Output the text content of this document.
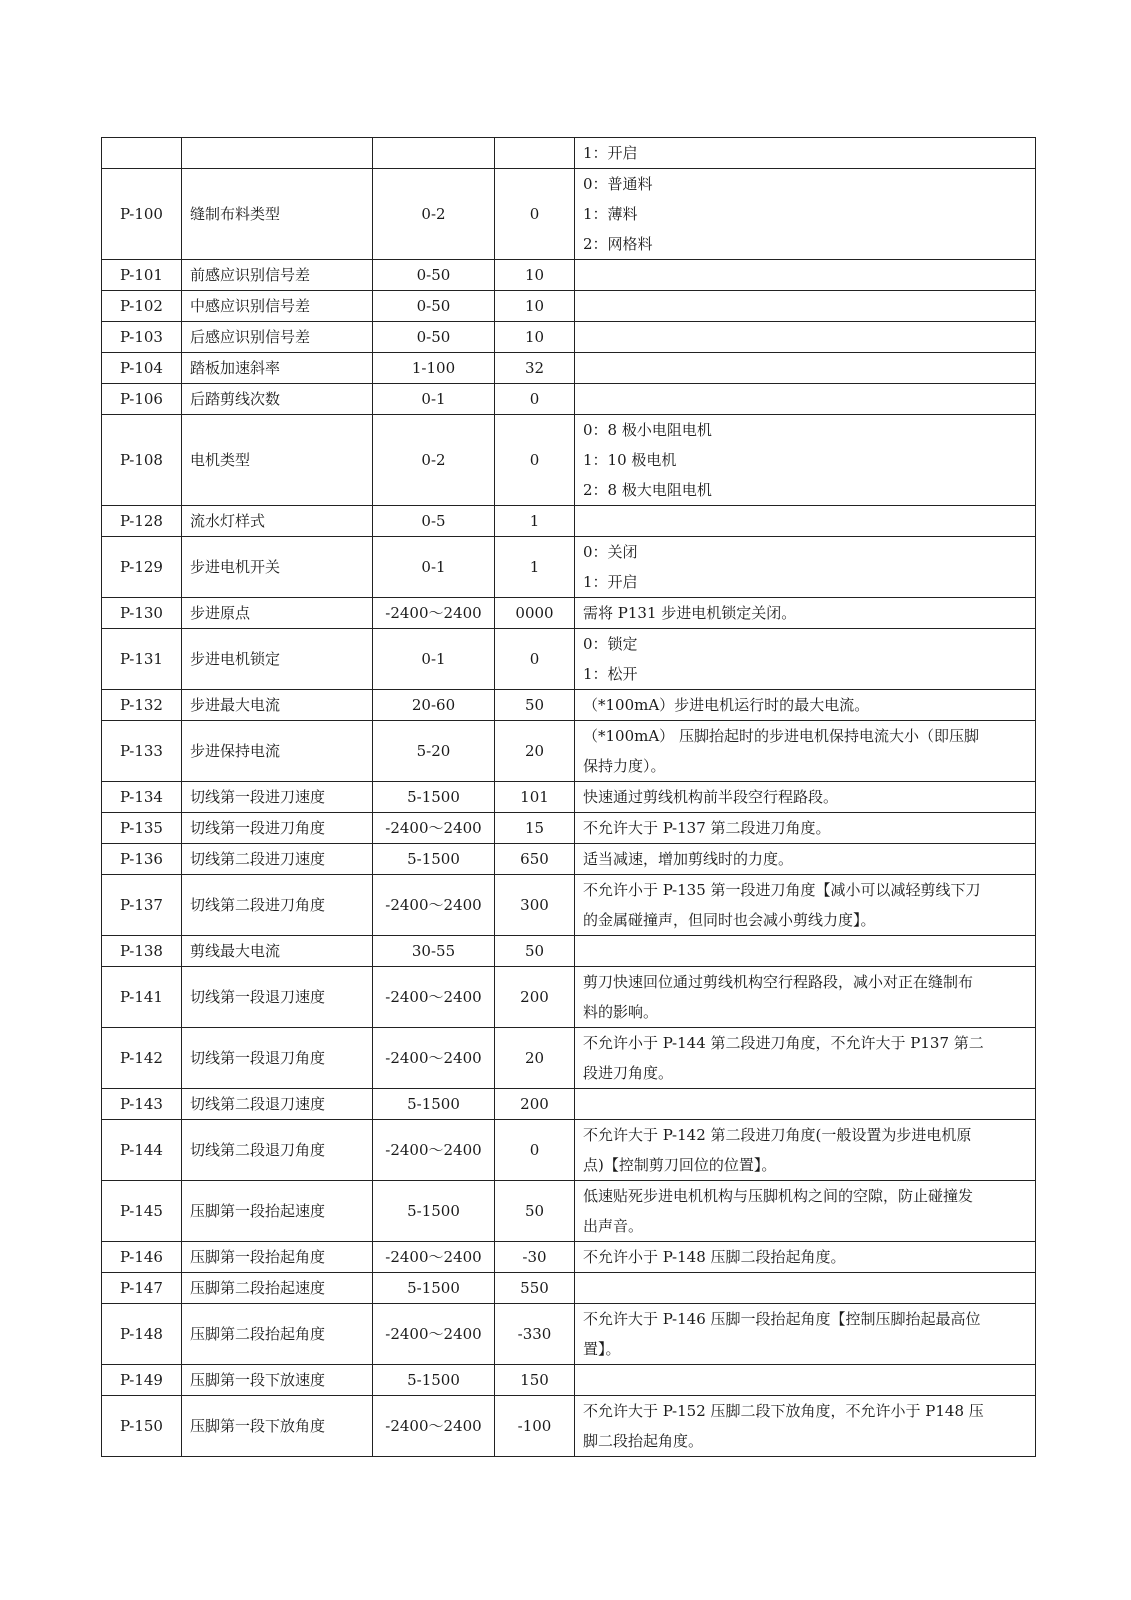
				1：开启

P-100	缝制布料类型	0-2	0	0：普通料
1：薄料
2：网格料

P-101	前感应识别信号差	0-50	10	

P-102	中感应识别信号差	0-50	10	

P-103	后感应识别信号差	0-50	10	

P-104	踏板加速斜率	1-100	32	

P-106	后踏剪线次数	0-1	0	

P-108	电机类型	0-2	0	0：8 极小电阻电机
1：10 极电机
2：8 极大电阻电机

P-128	流水灯样式	0-5	1	

P-129	步进电机开关	0-1	1	0：关闭
1：开启

P-130	步进原点	-2400～2400	0000	需将 P131 步进电机锁定关闭。

P-131	步进电机锁定	0-1	0	0：锁定
1：松开

P-132	步进最大电流	20-60	50	（*100mA）步进电机运行时的最大电流。

P-133	步进保持电流	5-20	20	（*100mA） 压脚抬起时的步进电机保持电流大小（即压脚
保持力度）。

P-134	切线第一段进刀速度	5-1500	101	快速通过剪线机构前半段空行程路段。

P-135	切线第一段进刀角度	-2400～2400	15	不允许大于 P-137 第二段进刀角度。

P-136	切线第二段进刀速度	5-1500	650	适当减速，增加剪线时的力度。

P-137	切线第二段进刀角度	-2400～2400	300	不允许小于 P-135 第一段进刀角度【减小可以减轻剪线下刀
的金属碰撞声，但同时也会减小剪线力度】。

P-138	剪线最大电流	30-55	50	

P-141	切线第一段退刀速度	-2400～2400	200	剪刀快速回位通过剪线机构空行程路段，减小对正在缝制布
料的影响。

P-142	切线第一段退刀角度	-2400～2400	20	不允许小于 P-144 第二段进刀角度，不允许大于 P137 第二
段进刀角度。

P-143	切线第二段退刀速度	5-1500	200	

P-144	切线第二段退刀角度	-2400～2400	0	不允许大于 P-142 第二段进刀角度(一般设置为步进电机原
点)【控制剪刀回位的位置】。

P-145	压脚第一段抬起速度	5-1500	50	低速贴死步进电机机构与压脚机构之间的空隙，防止碰撞发
出声音。

P-146	压脚第一段抬起角度	-2400～2400	-30	不允许小于 P-148 压脚二段抬起角度。

P-147	压脚第二段抬起速度	5-1500	550	

P-148	压脚第二段抬起角度	-2400～2400	-330	不允许大于 P-146 压脚一段抬起角度【控制压脚抬起最高位
置】。

P-149	压脚第一段下放速度	5-1500	150	

P-150	压脚第一段下放角度	-2400～2400	-100	不允许大于 P-152 压脚二段下放角度，不允许小于 P148 压
脚二段抬起角度。
